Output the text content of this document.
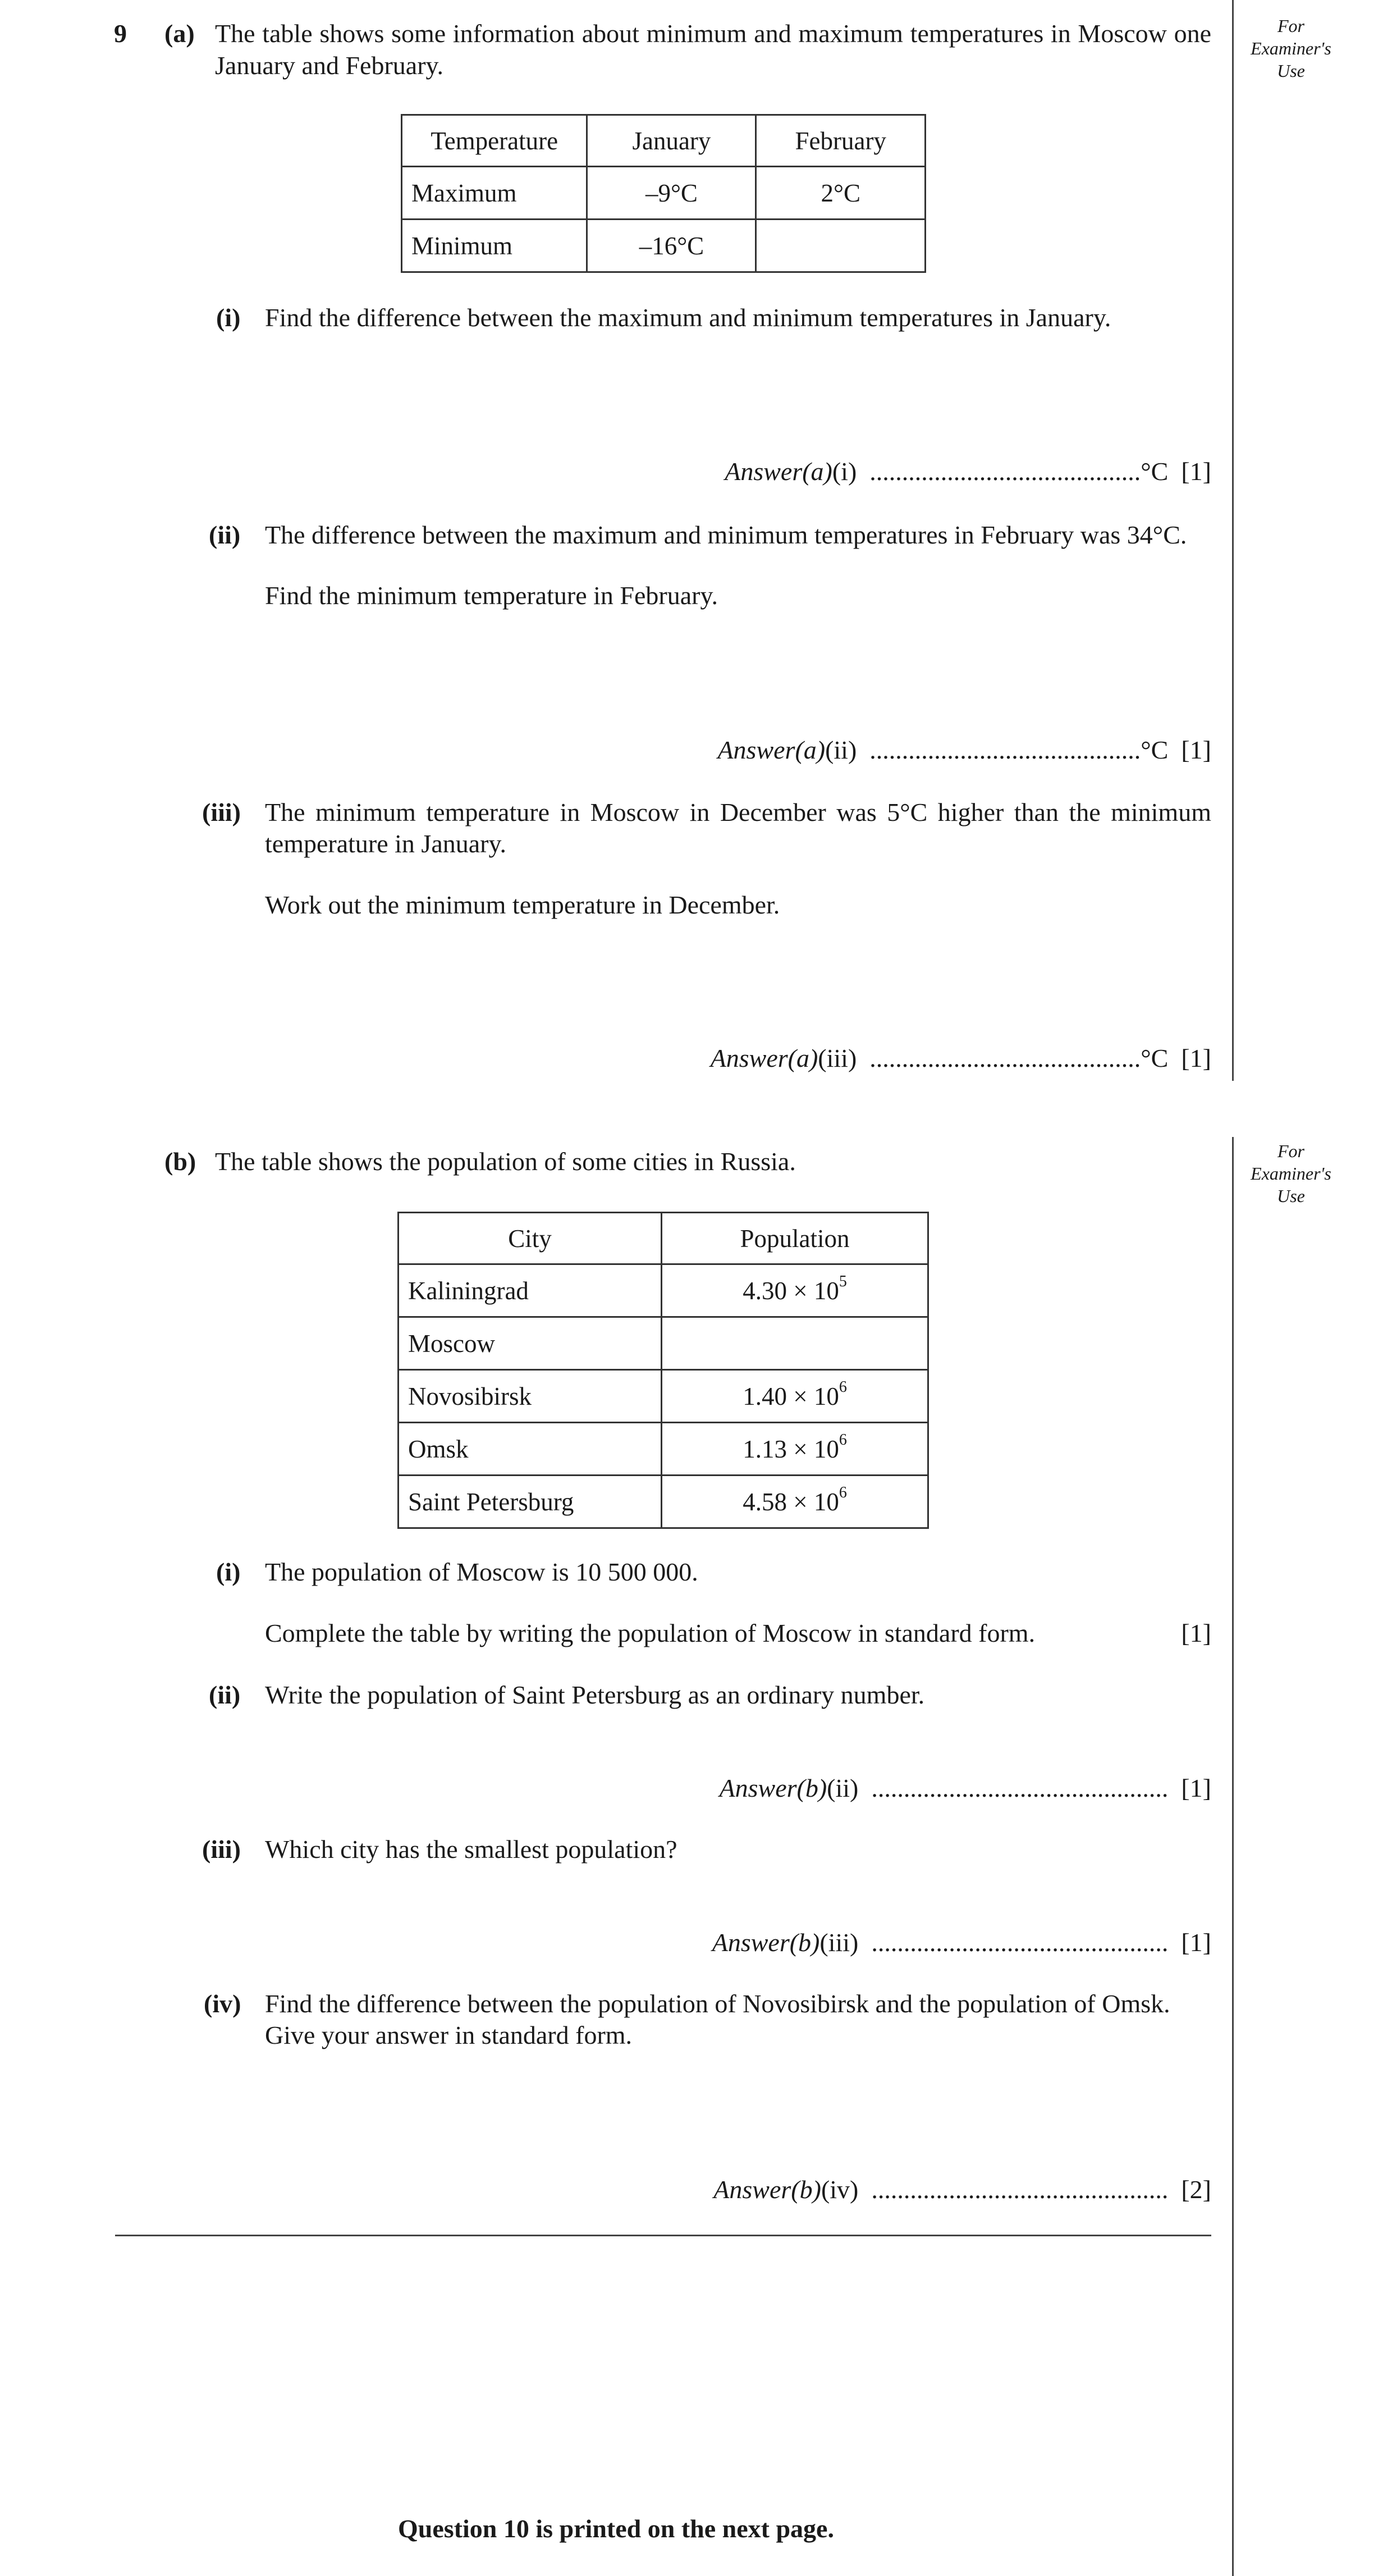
For
Examiner's
Use
For
Examiner's
Use
9 (a) The table shows some information about minimum and maximum temperatures in Moscow one
January and February.
Temperature	January	February
Maximum	–9°C	2°C
Minimum	–16°C	
(i) Find the difference between the maximum and minimum temperatures in January.
Answer(a)(i) ..........................................°C [1]
(ii) The difference between the maximum and minimum temperatures in February was 34°C.
Find the minimum temperature in February.
Answer(a)(ii) ..........................................°C [1]
(iii) The minimum temperature in Moscow in December was 5°C higher than the minimum
temperature in January.
Work out the minimum temperature in December.
Answer(a)(iii) ..........................................°C [1]
(b) The table shows the population of some cities in Russia.
City	Population
Kaliningrad	$4.30 \times 10^5$
Moscow	
Novosibirsk	$1.40 \times 10^6$
Omsk	$1.13 \times 10^6$
Saint Petersburg	$4.58 \times 10^6$
(i) The population of Moscow is 10 500 000.
Complete the table by writing the population of Moscow in standard form.	[1]
(ii) Write the population of Saint Petersburg as an ordinary number.
Answer(b)(ii) .............................................. [1]
(iii) Which city has the smallest population?
Answer(b)(iii) .............................................. [1]
(iv) Find the difference between the population of Novosibirsk and the population of Omsk.
Give your answer in standard form.
Answer(b)(iv) .............................................. [2]
Question 10 is printed on the next page.
